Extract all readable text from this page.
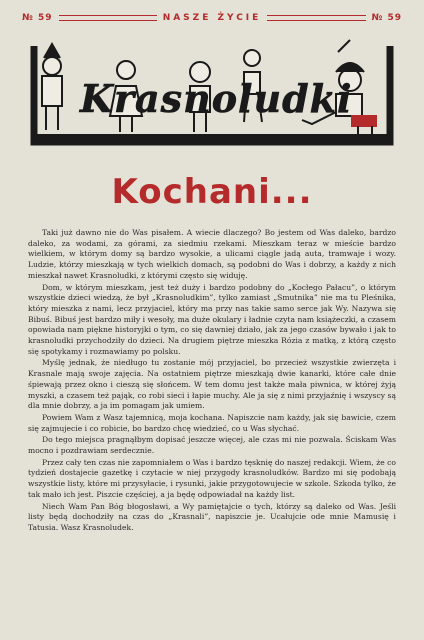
№ 59	NASZE ŻYCIE	№ 59
Krasnoludki
Kochani...

Taki już dawno nie do Was pisałem. A wiecie dlaczego? Bo jestem od Was daleko, bardzo daleko, za wodami, za górami, za siedmiu rzekami. Mieszkam teraz w mieście bardzo wielkiem, w którym domy są bardzo wysokie, a ulicami ciągle jadą auta, tramwaje i wozy. Ludzie, którzy mieszkają w tych wielkich domach, są podobni do Was i dobrzy, a każdy z nich mieszkał nawet Krasnoludki, z którymi często się widuję.

Dom, w którym mieszkam, jest też duży i bardzo podobny do „Kocłego Pałacu”, o którym wszystkie dzieci wiedzą, że był „Krasnoludkim”, tylko zamiast „Smutnika” nie ma tu Pleśnika, który mieszka z nami, lecz przyjaciel, który ma przy nas takie samo serce jak Wy. Nazywa się Bibuś. Bibuś jest bardzo miły i wesoły, ma duże okulary i ładnie czyta nam książeczki, a czasem opowiada nam piękne historyjki o tym, co się dawniej działo, jak za jego czasów bywało i jak to krasnoludki przychodziły do dzieci. Na drugiem piętrze mieszka Rózia z matką, z którą często się spotykamy i rozmawiamy po polsku.

Myślę jednak, że niedługo tu zostanie mój przyjaciel, bo przecież wszystkie zwierzęta i Krasnale mają swoje zajęcia. Na ostatniem piętrze mieszkają dwie kanarki, które całe dnie śpiewają przez okno i cieszą się słońcem. W tem domu jest także mała piwnica, w której żyją myszki, a czasem też pająk, co robi sieci i łapie muchy. Ale ja się z nimi przyjaźnię i wszyscy są dla mnie dobrzy, a ja im pomagam jak umiem.

Powiem Wam z Wasz tajemnicą, moja kochana. Napiszcie nam każdy, jak się bawicie, czem się zajmujecie i co robicie, bo bardzo chcę wiedzieć, co u Was słychać.

Do tego miejsca pragnąłbym dopisać jeszcze więcej, ale czas mi nie pozwala. Ściskam Was mocno i pozdrawiam serdecznie.

Przez cały ten czas nie zapomniałem o Was i bardzo tęsknię do naszej redakcji. Wiem, że co tydzień dostajecie gazetkę i czytacie w niej przygody krasnoludków. Bardzo mi się podobają wszystkie listy, które mi przysyłacie, i rysunki, jakie przygotowujecie w szkole. Szkoda tylko, że tak mało ich jest. Piszcie częściej, a ja będę odpowiadał na każdy list.

Niech Wam Pan Bóg błogosławi, a Wy pamiętajcie o tych, którzy są daleko od Was. Jeśli listy będą dochodziły na czas do „Krasnali”, napiszcie je. Ucałujcie ode mnie Mamusię i Tatusia. Wasz Krasnoludek.
